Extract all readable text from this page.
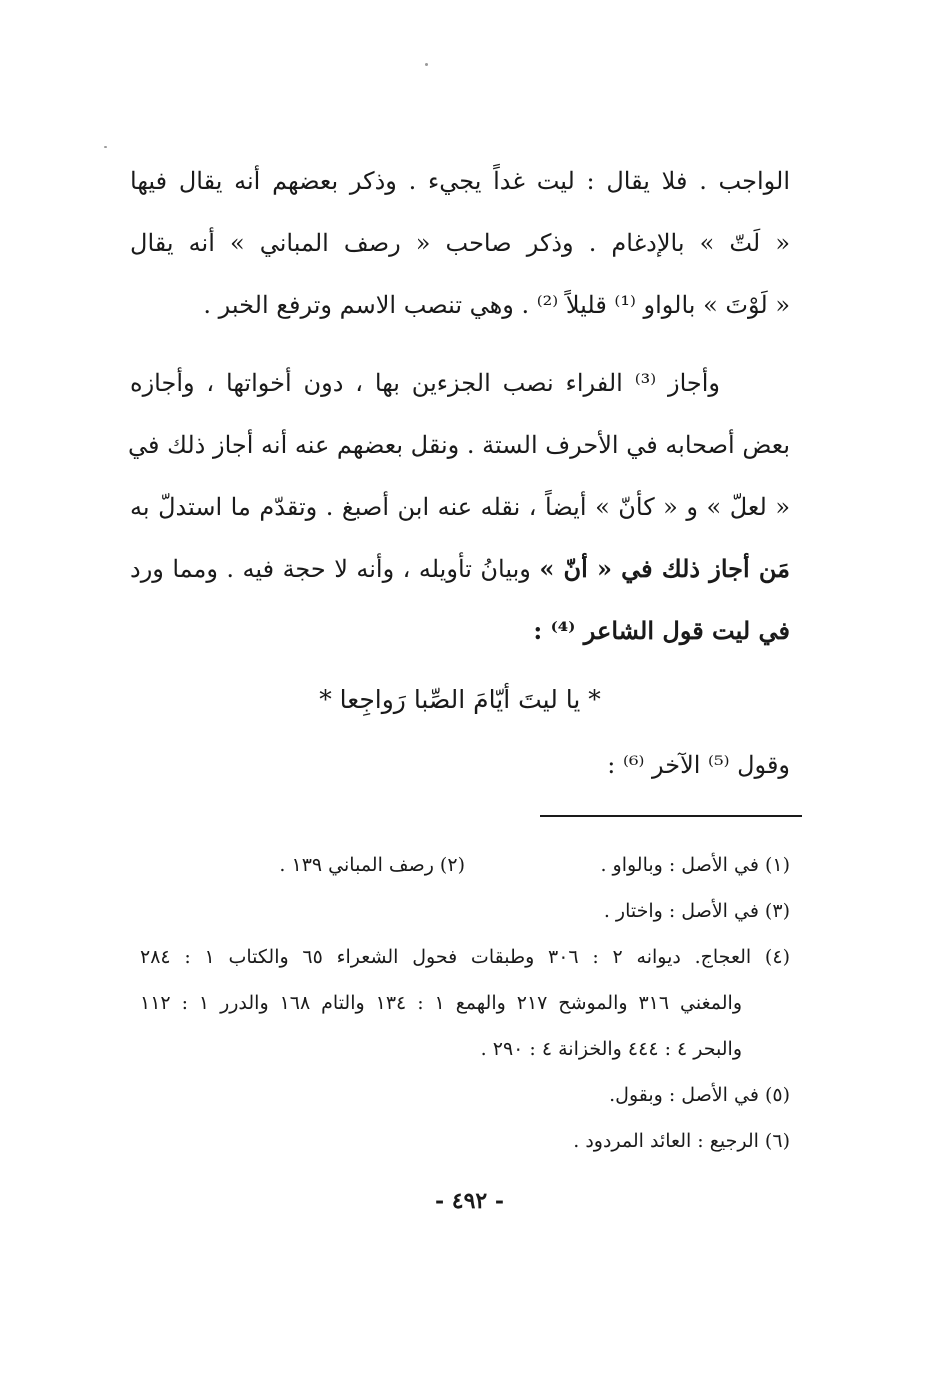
الواجب . فلا يقال : ليت غداً يجيء . وذكر بعضهم أنه يقال فيها
« لَتّ » بالإدغام . وذكر صاحب « رصف المباني » أنه يقال
« لَوْتَ » بالواو ⁽¹⁾ قليلاً ⁽²⁾ . وهي تنصب الاسم وترفع الخبر .
وأجاز ⁽³⁾ الفراء نصب الجزءين بها ، دون أخواتها ، وأجازه
بعض أصحابه في الأحرف الستة . ونقل بعضهم عنه أنه أجاز ذلك في
« لعلّ » و « كأنّ » أيضاً ، نقله عنه ابن أصبغ . وتقدّم ما استدلّ به
مَن أجاز ذلك في « أنّ » وبيانُ تأويله ، وأنه لا حجة فيه . ومما ورد
في ليت قول الشاعر ⁽⁴⁾ :
* يا ليتَ أيّامَ الصِّبا رَواجِعا *
وقول ⁽⁵⁾ الآخر ⁽⁶⁾ :
(١) في الأصل : وبالواو .
(٢) رصف المباني ١٣٩ .
(٣) في الأصل : واختار .
(٤) العجاج. ديوانه ٢ : ٣٠٦ وطبقات فحول الشعراء ٦٥ والكتاب ١ : ٢٨٤
والمغني ٣١٦ والموشح ٢١٧ والهمع ١ : ١٣٤ والتام ١٦٨ والدرر ١ : ١١٢
والبحر ٤ : ٤٤٤ والخزانة ٤ : ٢٩٠ .
(٥) في الأصل : وبقول.
(٦) الرجيع : العائد المردود .
- ٤٩٢ -
